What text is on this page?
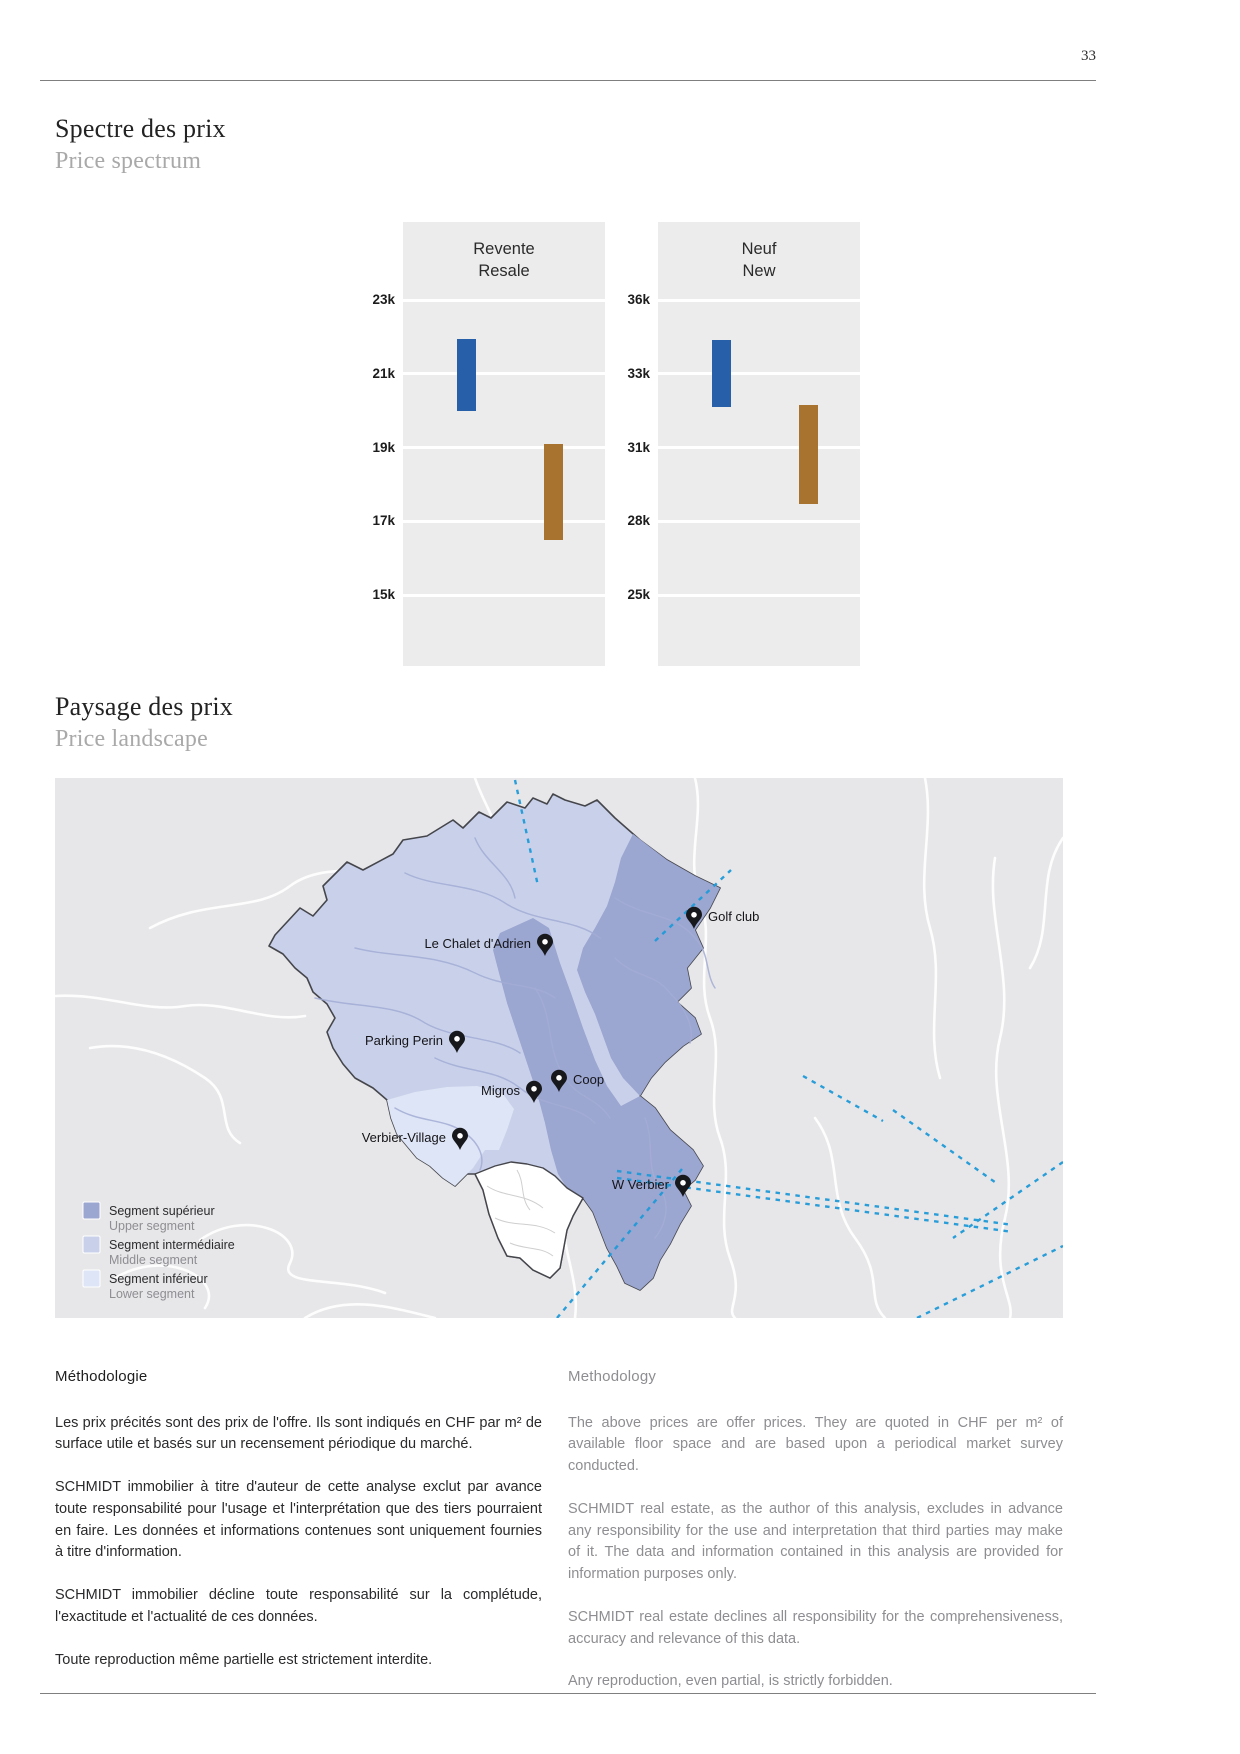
33
Spectre des prix
Price spectrum
23k
21k
19k
17k
15k
Revente
Resale
36k
33k
31k
28k
25k
Neuf
New
Paysage des prix
Price landscape
Le Chalet d'Adrien
Golf club
Parking Perin
Coop
Migros
Verbier-Village
W Verbier
Segment supérieur
Upper segment
Segment intermédiaire
Middle segment
Segment inférieur
Lower segment
Méthodologie

Les prix précités sont des prix de l'offre. Ils sont indiqués en CHF par m² de surface utile et basés sur un recensement périodique du marché.

SCHMIDT immobilier à titre d'auteur de cette analyse exclut par avance toute responsabilité pour l'usage et l'interprétation que des tiers pourraient en faire. Les données et informations contenues sont uniquement fournies à titre d'information.

SCHMIDT immobilier décline toute responsabilité sur la complétude, l'exactitude et l'actualité de ces données.

Toute reproduction même partielle est strictement interdite.

Methodology

The above prices are offer prices. They are quoted in CHF per m² of available floor space and are based upon a periodical market survey conducted.

SCHMIDT real estate, as the author of this analysis, excludes in advance any responsibility for the use and interpretation that third parties may make of it. The data and information contained in this analysis are provided for information purposes only.

SCHMIDT real estate declines all responsibility for the comprehensiveness, accuracy and relevance of this data.

Any reproduction, even partial, is strictly forbidden.
